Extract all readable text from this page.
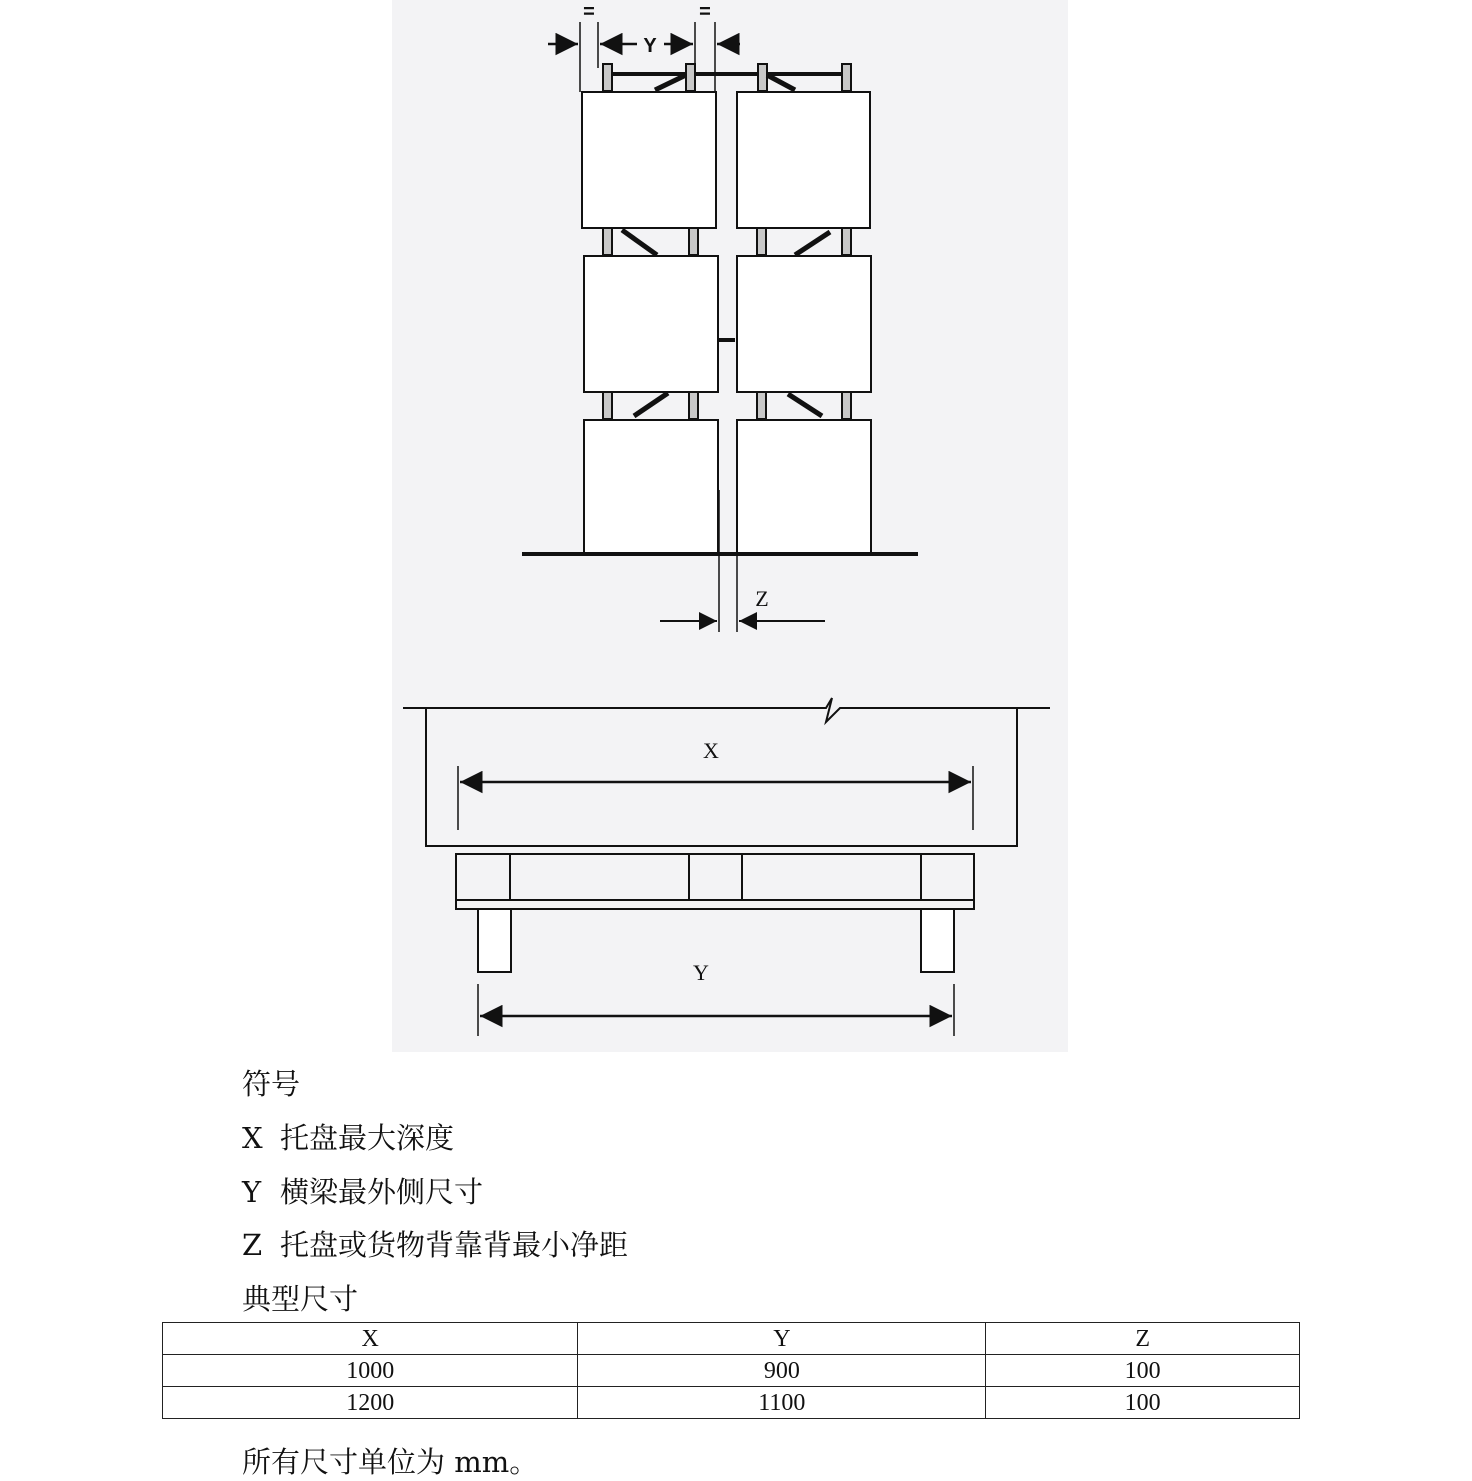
=	=
Y
Z
X
Y
符号
X 托盘最大深度
Y 横梁最外侧尺寸
Z 托盘或货物背靠背最小净距
典型尺寸
X	Y	Z
1000	900	100
1200	1100	100
所有尺寸单位为 mm。
